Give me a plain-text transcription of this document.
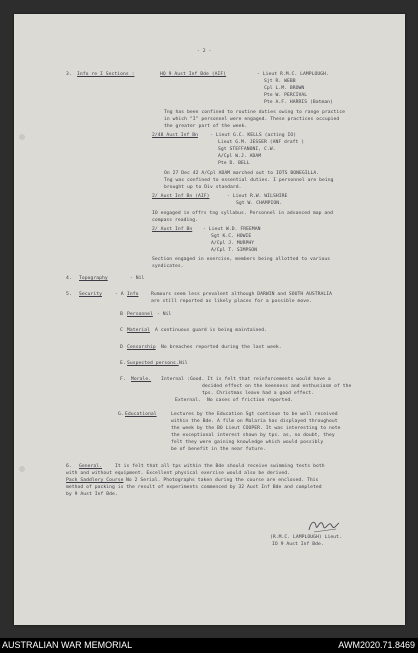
- 2 -
3. Info re I Sections :	HQ 9 Aust Inf Bde (AIF)	- Lieut R.M.C. LAMPLOUGH.
Sjt R. WEBB
Cpl L.M. BROWN
Pte W. PERCIVAL
Pte A.F. HARRIS (Batman)
Tng has been confined to routine duties owing to range practice
in which "I" personnel were engaged. These practices occupied
the greater part of the week.
2/48 Aust Inf Bn	- Lieut G.C. KELLS (acting IO)
Lieut G.M. JESSER (ANF draft )
Sgt STEFFANONI, C.W.
A/Cpl W.J. ADAM
Pte D. BELL
On 27 Dec 42 A/Cpl ADAM marched out to IOTS BONEGILLA.
Tng was confined to essential duties. I personnel are being
brought up to Div standard.
2/ Aust Inf Bn (AIF)	- Lieut R.W. WILSHIRE
Sgt W. CHAMPION.
IO engaged in offrs tng syllabus. Personnel in advanced map and
compass reading.
2/ Aust Inf Bn - Lieut W.D. FREEMAN
Sgt K.C. HOWIE
A/Cpl J. MURPHY
A/Cpl T. SIMPSON
Section engaged in exercise, members being allotted to various
syndicates.
4. Topography	- Nil
5. Security	- A Info	Rumours seem less prevalent although DARWIN and SOUTH AUSTRALIA
are still reported as likely places for a possible move.
B Personnel - Nil
C Material A continuous guard is being maintained.
D Censorship No breaches reported during the last week.
E. Suspected persons. Nil
F. Morale. Internal : Good. It is felt that reinforcements would have a
decided effect on the keenness and enthusiasm of the
tps. Christmas leave had a good effect.
External. No cases of friction reported.
G. Educational	Lectures by the Education Sgt continue to be well received
within the Bde. A film on Malaria has displayed throughout
the week by the BO Lieut COOPER. It was interesting to note
the exceptional interest shown by tps. as, no doubt, they
felt they were gaining knowledge which would possibly
be of benefit in the near future.
6. General.	It is felt that all tps within the Bde should receive swimming tests both
with and without equipment. Excellent physical exercise would also be derived.
Pack Saddlery Course No 2 Serial. Photographs taken during the course are enclosed. This
method of packing is the result of experiments commenced by 32 Aust Inf Bde and completed
by 9 Aust Inf Bde.
(R.M.C. LAMPLOUGH) Lieut.
IO 9 Aust Inf Bde.
AUSTRALIAN WAR MEMORIAL	AWM2020.71.8469
